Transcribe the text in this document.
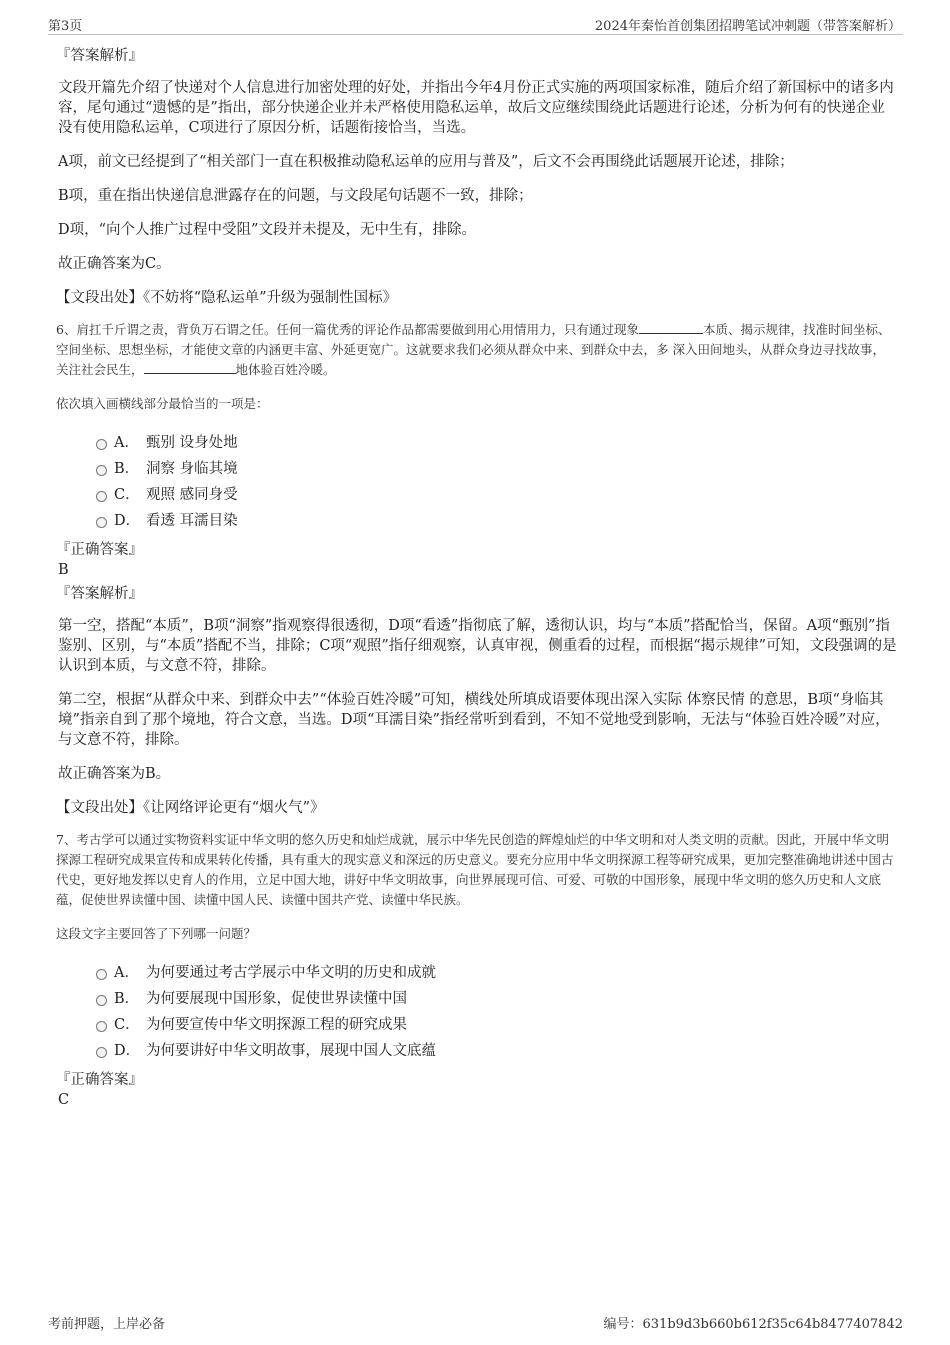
第3页	2024年秦怡首创集团招聘笔试冲刺题（带答案解析）
『答案解析』
文段开篇先介绍了快递对个人信息进行加密处理的好处，并指出今年4月份正式实施的两项国家标准，随后介绍了新国标中的诸多内容，尾句通过“遗憾的是”指出，部分快递企业并未严格使用隐私运单，故后文应继续围绕此话题进行论述，分析为何有的快递企业没有使用隐私运单，C项进行了原因分析，话题衔接恰当，当选。
A项，前文已经提到了“相关部门一直在积极推动隐私运单的应用与普及”，后文不会再围绕此话题展开论述，排除；
B项，重在指出快递信息泄露存在的问题，与文段尾句话题不一致，排除；
D项，“向个人推广过程中受阻”文段并未提及，无中生有，排除。
故正确答案为C。
【文段出处】《不妨将“隐私运单”升级为强制性国标》
6、肩扛千斤谓之责，背负万石谓之任。任何一篇优秀的评论作品都需要做到用心用情用力，只有通过现象	本质、揭示规律，找准时间坐标、空间坐标、思想坐标，才能使文章的内涵更丰富、外延更宽广。这就要求我们必须从群众中来、到群众中去，多 深入田间地头，从群众身边寻找故事， 关注社会民生，	地体验百姓冷暖。
依次填入画横线部分最恰当的一项是：
A． 甄别 设身处地
B． 洞察 身临其境
C． 观照 感同身受
D． 看透 耳濡目染
『正确答案』
B
『答案解析』
第一空，搭配“本质”，B项“洞察”指观察得很透彻，D项“看透”指彻底了解，透彻认识，均与“本质”搭配恰当，保留。A项“甄别”指鉴别、区别，与“本质”搭配不当，排除；C项“观照”指仔细观察，认真审视，侧重看的过程，而根据“揭示规律”可知，文段强调的是认识到本质，与文意不符，排除。
第二空，根据“从群众中来、到群众中去”“体验百姓冷暖”可知，横线处所填成语要体现出深入实际 体察民情 的意思，B项“身临其境”指亲自到了那个境地，符合文意，当选。D项“耳濡目染”指经常听到看到，不知不觉地受到影响，无法与“体验百姓冷暖”对应，与文意不符，排除。
故正确答案为B。
【文段出处】《让网络评论更有“烟火气”》
7、考古学可以通过实物资料实证中华文明的悠久历史和灿烂成就，展示中华先民创造的辉煌灿烂的中华文明和对人类文明的贡献。因此，开展中华文明探源工程研究成果宣传和成果转化传播，具有重大的现实意义和深远的历史意义。要充分应用中华文明探源工程等研究成果，更加完整准确地讲述中国古代史，更好地发挥以史育人的作用，立足中国大地，讲好中华文明故事，向世界展现可信、可爱、可敬的中国形象，展现中华文明的悠久历史和人文底蕴，促使世界读懂中国、读懂中国人民、读懂中国共产党、读懂中华民族。
这段文字主要回答了下列哪一问题？
A． 为何要通过考古学展示中华文明的历史和成就
B． 为何要展现中国形象，促使世界读懂中国
C． 为何要宣传中华文明探源工程的研究成果
D． 为何要讲好中华文明故事，展现中国人文底蕴
『正确答案』
C
考前押题，上岸必备	编号：631b9d3b660b612f35c64b8477407842
